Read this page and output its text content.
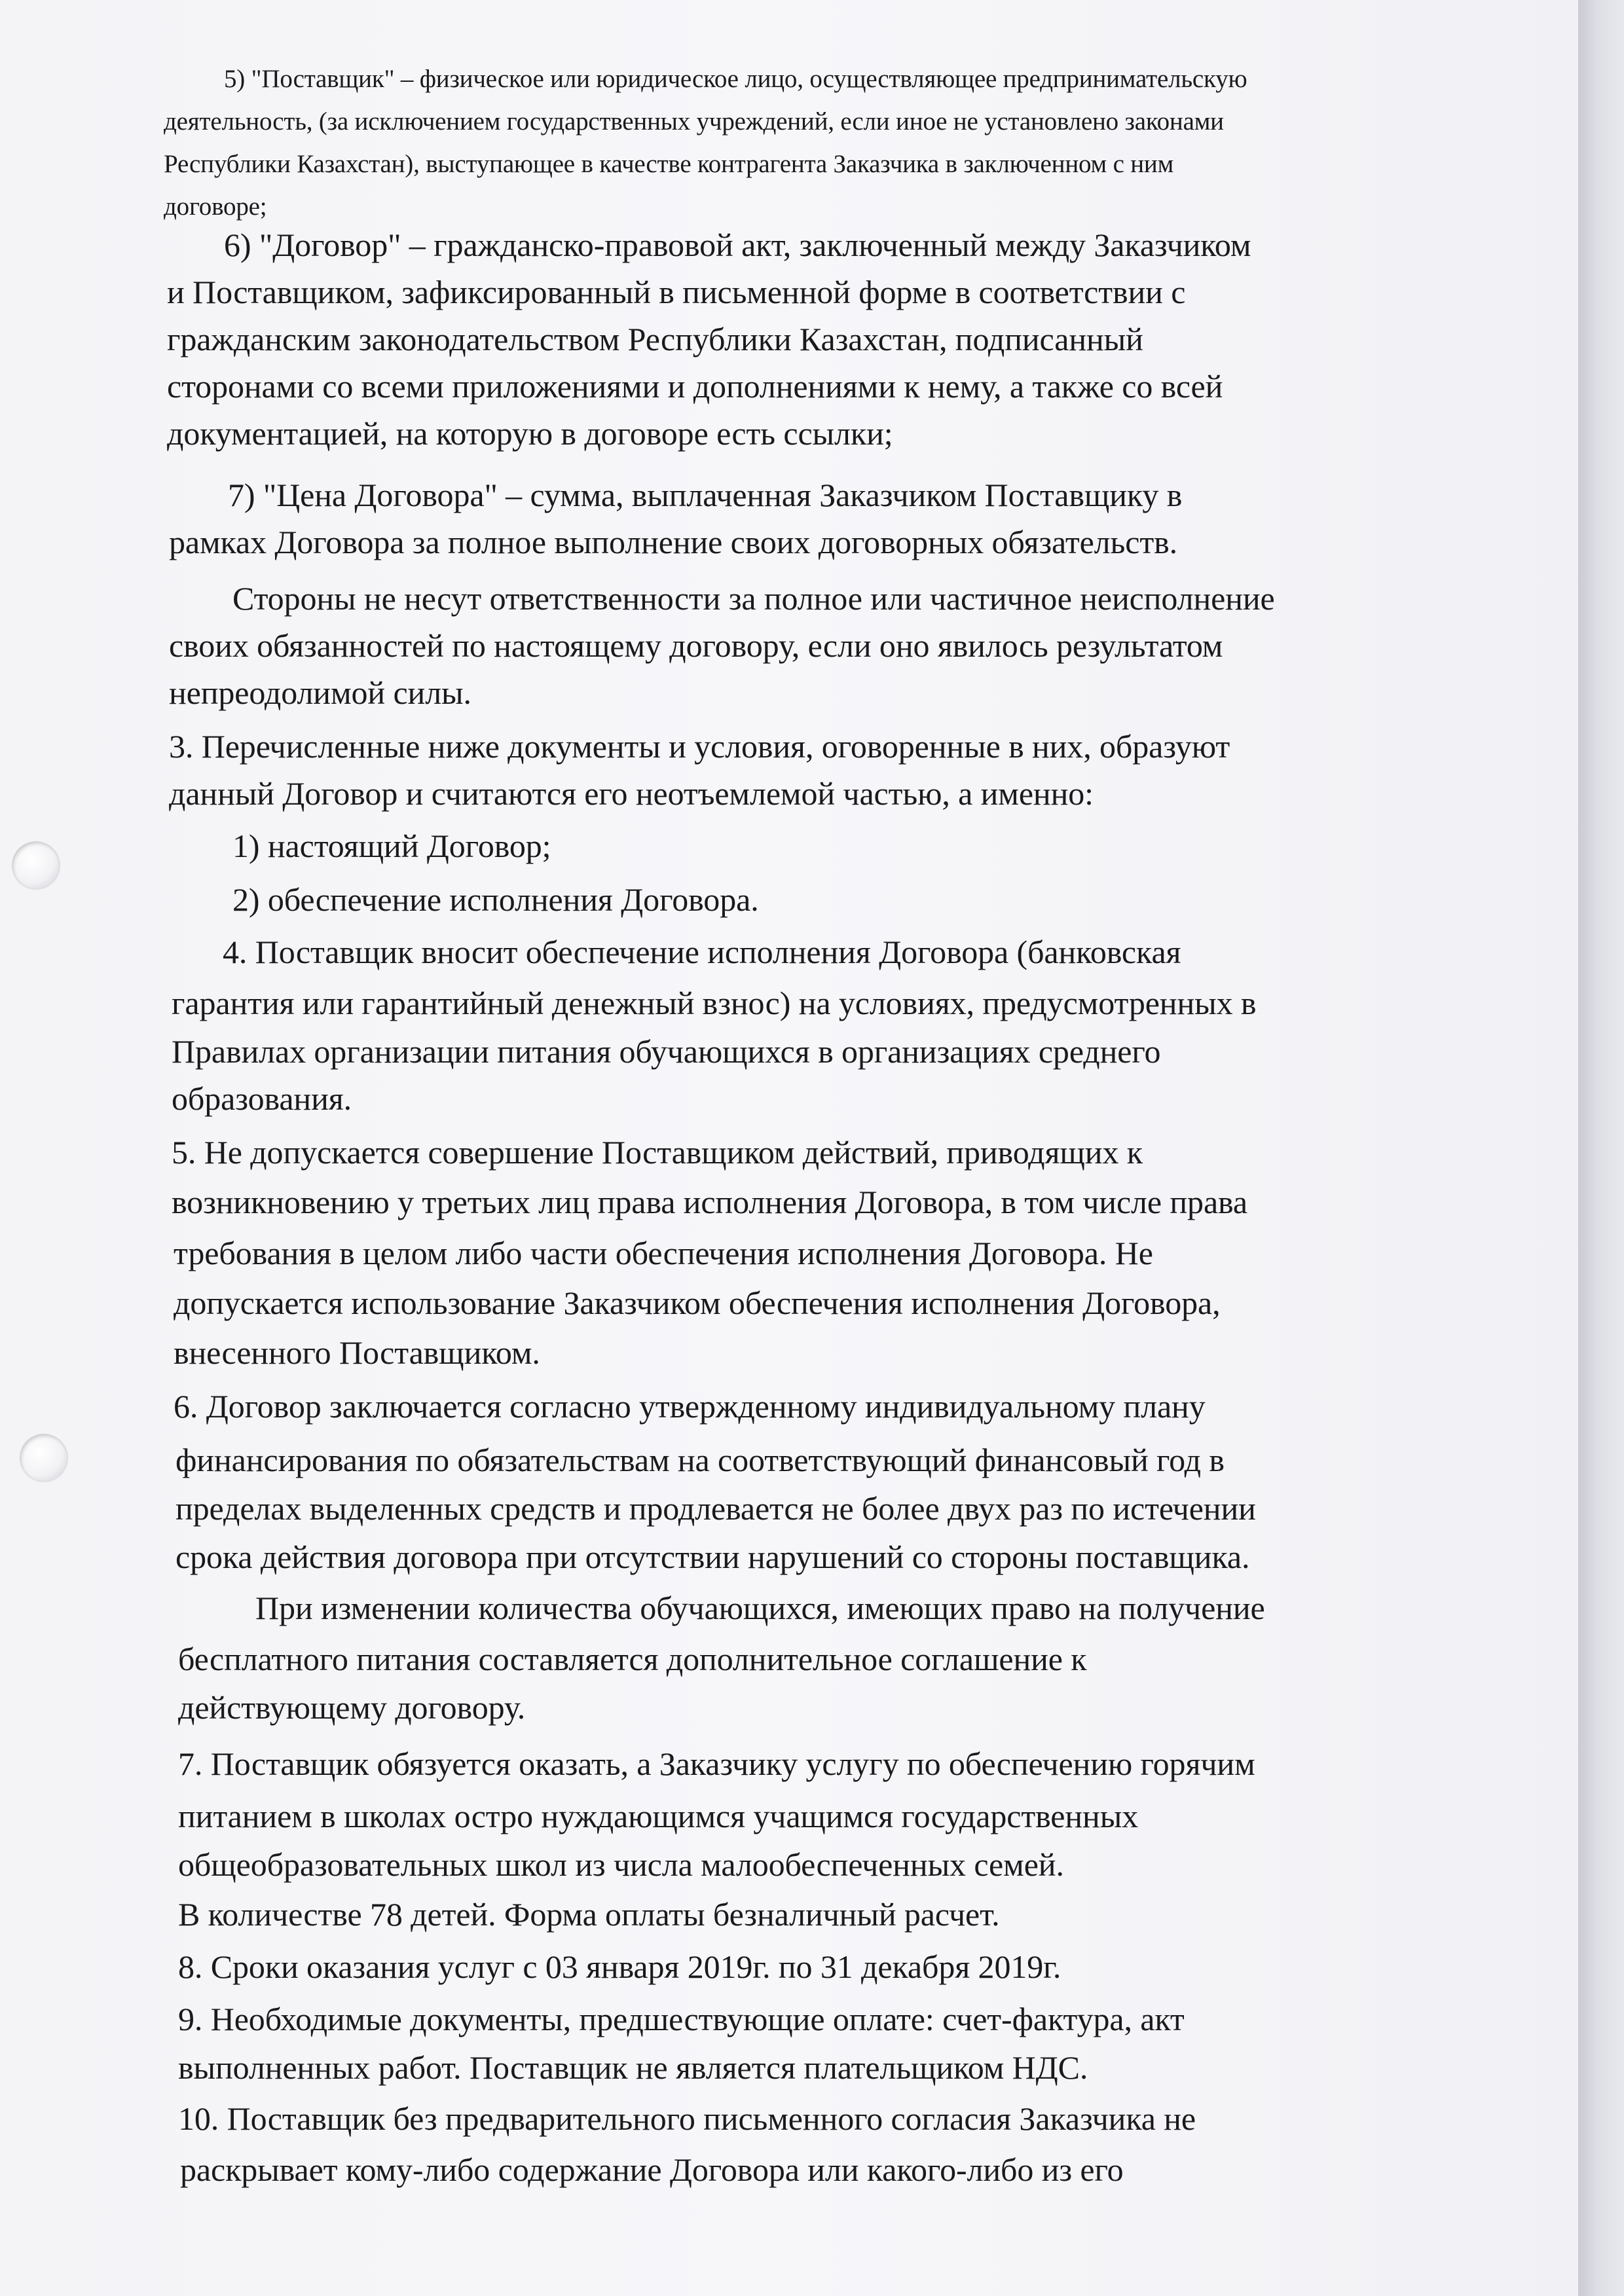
5) "Поставщик" – физическое или юридическое лицо, осуществляющее предпринимательскую

деятельность, (за исключением государственных учреждений, если иное не установлено законами

Республики Казахстан), выступающее в качестве контрагента Заказчика в заключенном с ним

договоре;

6) "Договор" – гражданско-правовой акт, заключенный между Заказчиком

и Поставщиком, зафиксированный в письменной форме в соответствии с

гражданским законодательством Республики Казахстан, подписанный

сторонами со всеми приложениями и дополнениями к нему, а также со всей

документацией, на которую в договоре есть ссылки;

7) "Цена Договора" – сумма, выплаченная Заказчиком Поставщику в

рамках Договора за полное выполнение своих договорных обязательств.

Стороны не несут ответственности за полное или частичное неисполнение

своих обязанностей по настоящему договору, если оно явилось результатом

непреодолимой силы.

3. Перечисленные ниже документы и условия, оговоренные в них, образуют

данный Договор и считаются его неотъемлемой частью, а именно:

1) настоящий Договор;

2) обеспечение исполнения Договора.

4. Поставщик вносит обеспечение исполнения Договора (банковская

гарантия или гарантийный денежный взнос) на условиях, предусмотренных в

Правилах организации питания обучающихся в организациях среднего

образования.

5. Не допускается совершение Поставщиком действий, приводящих к

возникновению у третьих лиц права исполнения Договора, в том числе права

требования в целом либо части обеспечения исполнения Договора. Не

допускается использование Заказчиком обеспечения исполнения Договора,

внесенного Поставщиком.

6. Договор заключается согласно утвержденному индивидуальному плану

финансирования по обязательствам на соответствующий финансовый год в

пределах выделенных средств и продлевается не более двух раз по истечении

срока действия договора при отсутствии нарушений со стороны поставщика.

При изменении количества обучающихся, имеющих право на получение

бесплатного питания составляется дополнительное соглашение к

действующему договору.

7. Поставщик обязуется оказать, а Заказчику услугу по обеспечению горячим

питанием в школах остро нуждающимся учащимся государственных

общеобразовательных школ из числа малообеспеченных семей.

В количестве 78 детей. Форма оплаты безналичный расчет.

8. Сроки оказания услуг с 03 января 2019г. по 31 декабря 2019г.

9. Необходимые документы, предшествующие оплате: счет-фактура, акт

выполненных работ. Поставщик не является плательщиком НДС.

10. Поставщик без предварительного письменного согласия Заказчика не

раскрывает кому-либо содержание Договора или какого-либо из его
